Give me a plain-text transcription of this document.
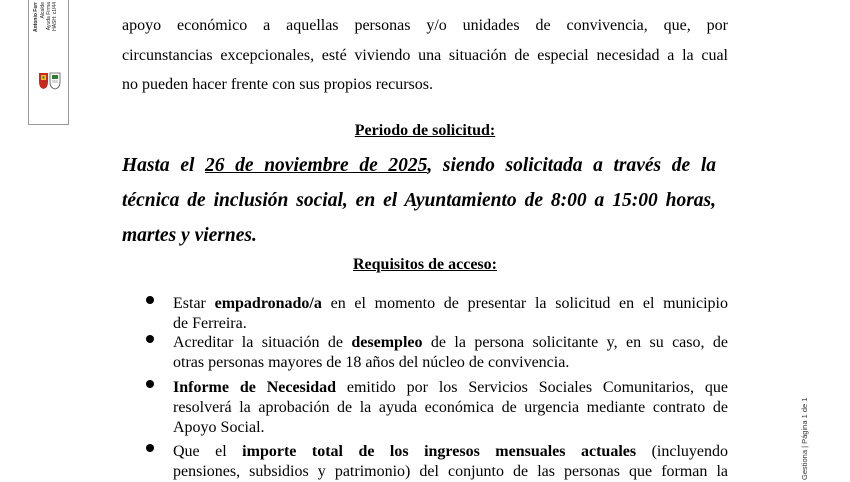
Antonio Ferr Alcalde Ayuda Firma HASH: c1f44
Gestiona | Página 1 de 1
apoyo económico a aquellas personas y/o unidades de convivencia, que, por
circunstancias excepcionales, esté viviendo una situación de especial necesidad a la cual
no pueden hacer frente con sus propios recursos.
Periodo de solicitud:
Hasta el 26 de noviembre de 2025, siendo solicitada a través de la
técnica de inclusión social, en el Ayuntamiento de 8:00 a 15:00 horas,
martes y viernes.
Requisitos de acceso:
Estar empadronado/a en el momento de presentar la solicitud en el municipio
de Ferreira.
Acreditar la situación de desempleo de la persona solicitante y, en su caso, de
otras personas mayores de 18 años del núcleo de convivencia.
Informe de Necesidad emitido por los Servicios Sociales Comunitarios, que
resolverá la aprobación de la ayuda económica de urgencia mediante contrato de
Apoyo Social.
Que el importe total de los ingresos mensuales actuales (incluyendo
pensiones, subsidios y patrimonio) del conjunto de las personas que forman la
